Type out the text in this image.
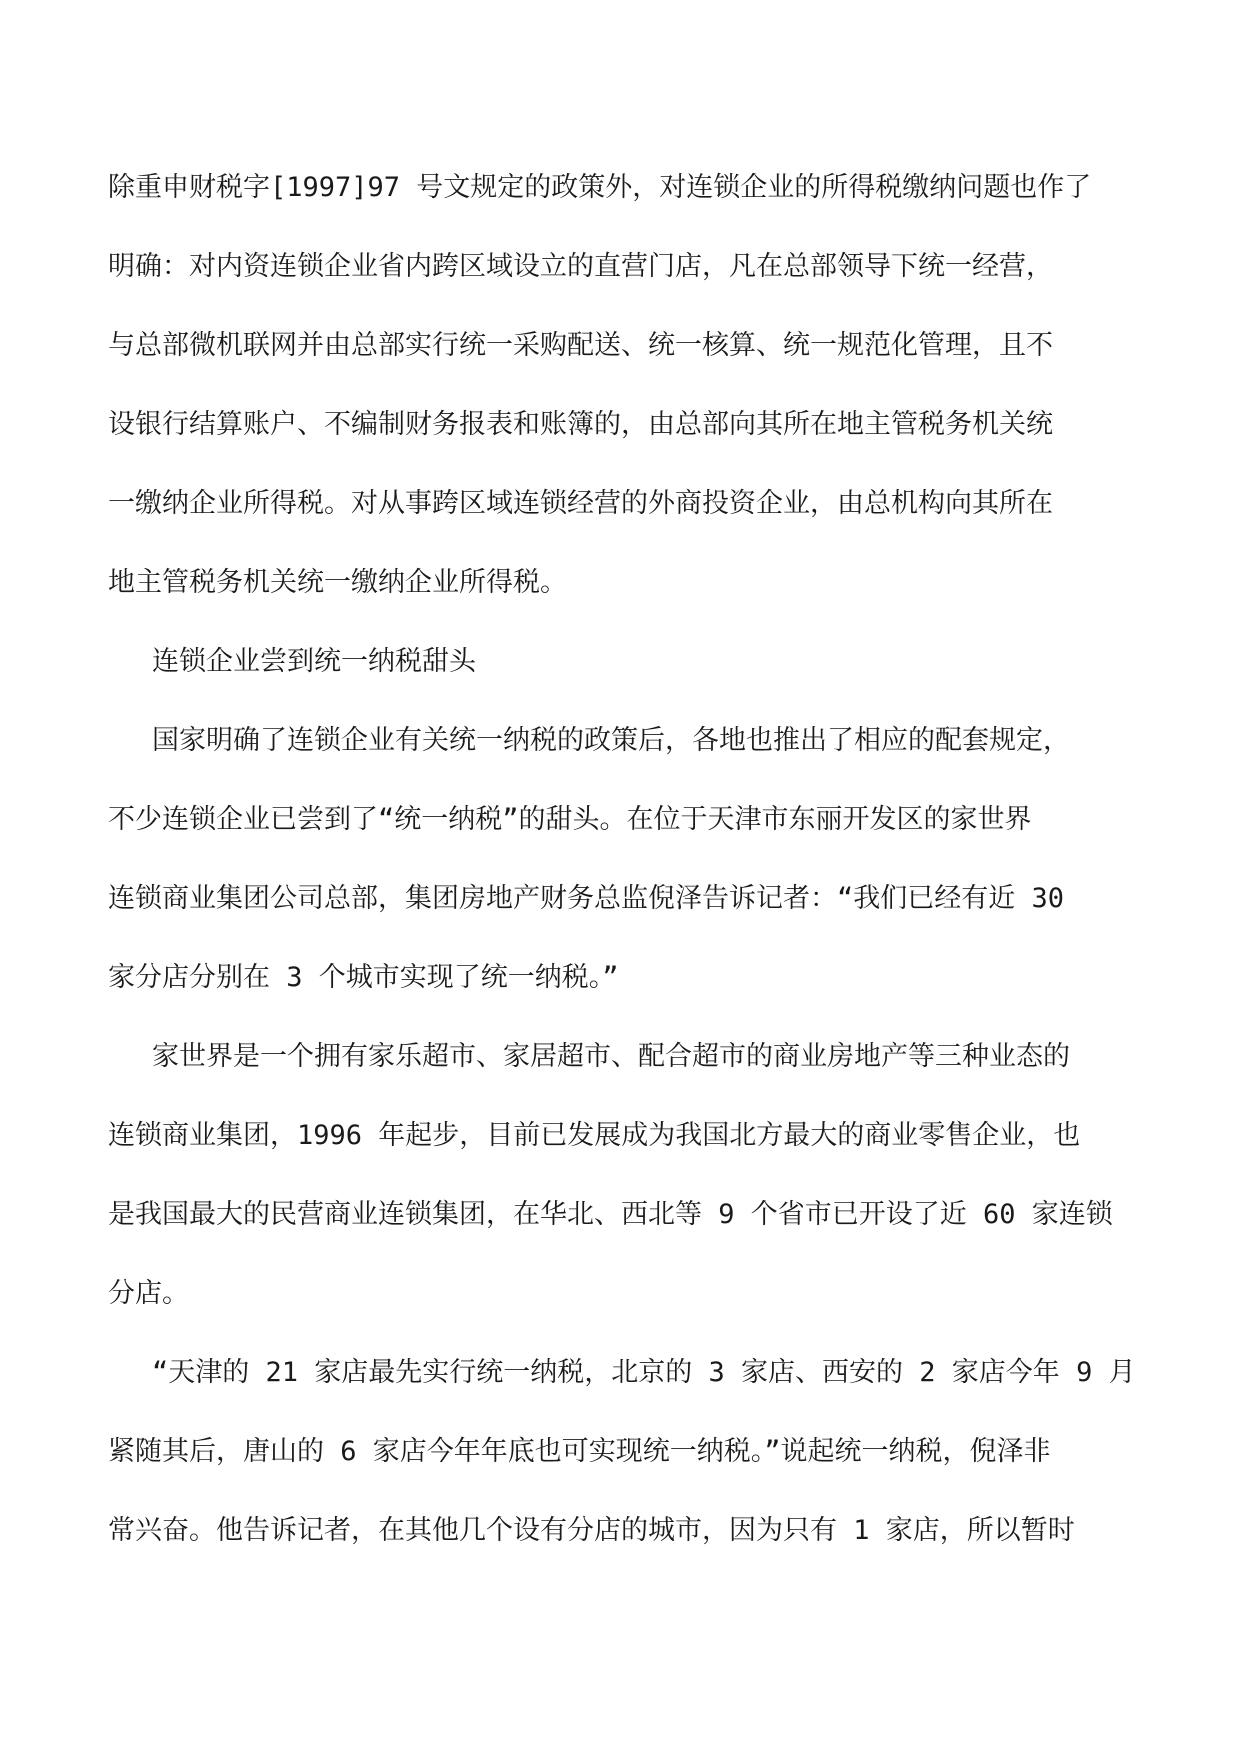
除重申财税字[1997]97 号文规定的政策外，对连锁企业的所得税缴纳问题也作了

明确：对内资连锁企业省内跨区域设立的直营门店，凡在总部领导下统一经营，

与总部微机联网并由总部实行统一采购配送、统一核算、统一规范化管理，且不

设银行结算账户、不编制财务报表和账簿的，由总部向其所在地主管税务机关统

一缴纳企业所得税。对从事跨区域连锁经营的外商投资企业，由总机构向其所在

地主管税务机关统一缴纳企业所得税。

连锁企业尝到统一纳税甜头

国家明确了连锁企业有关统一纳税的政策后，各地也推出了相应的配套规定，

不少连锁企业已尝到了“统一纳税”的甜头。在位于天津市东丽开发区的家世界

连锁商业集团公司总部，集团房地产财务总监倪泽告诉记者：“我们已经有近 30

家分店分别在 3 个城市实现了统一纳税。”

家世界是一个拥有家乐超市、家居超市、配合超市的商业房地产等三种业态的

连锁商业集团，1996 年起步，目前已发展成为我国北方最大的商业零售企业，也

是我国最大的民营商业连锁集团，在华北、西北等 9 个省市已开设了近 60 家连锁

分店。

“天津的 21 家店最先实行统一纳税，北京的 3 家店、西安的 2 家店今年 9 月

紧随其后，唐山的 6 家店今年年底也可实现统一纳税。”说起统一纳税，倪泽非

常兴奋。他告诉记者，在其他几个设有分店的城市，因为只有 1 家店，所以暂时
